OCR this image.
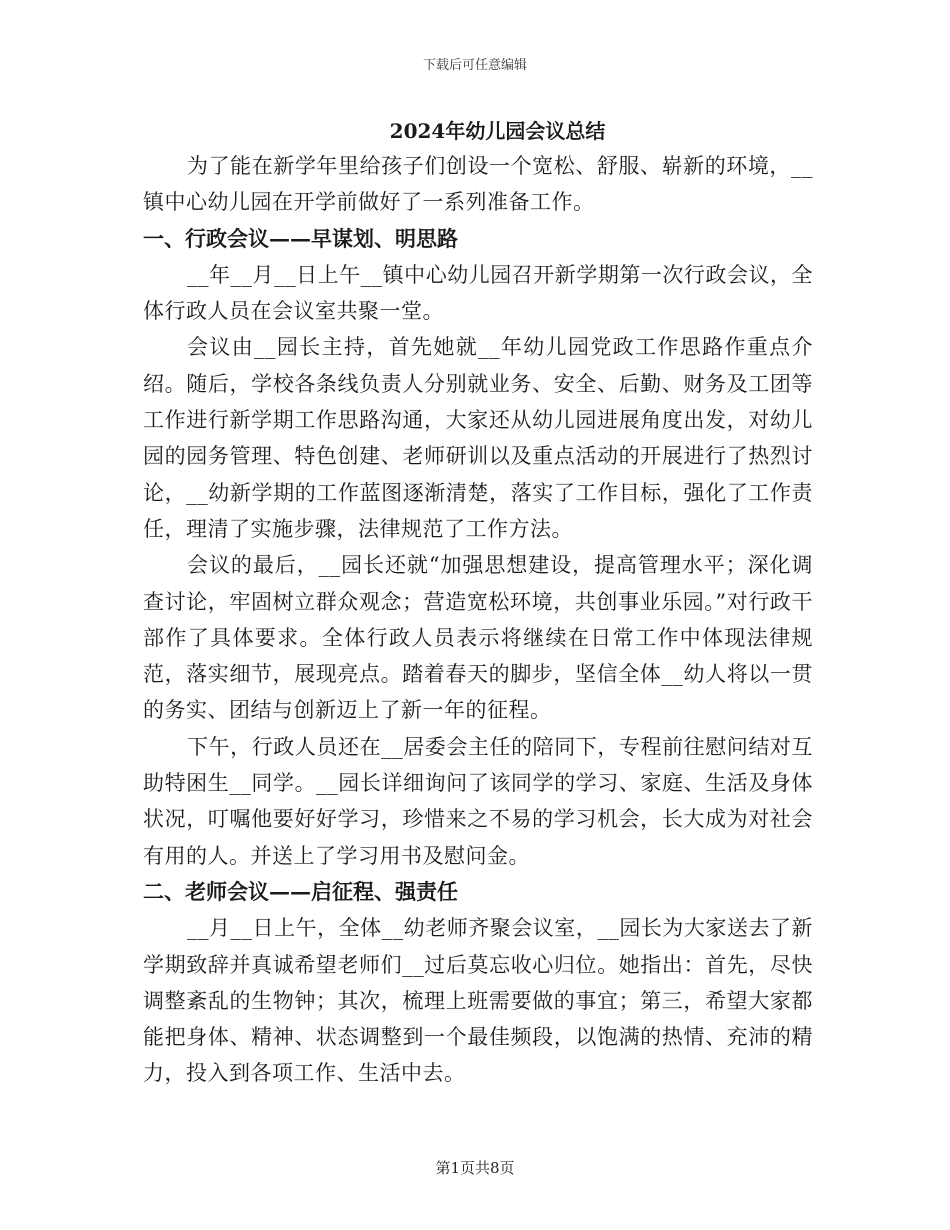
下载后可任意编辑
2024年幼儿园会议总结

为了能在新学年里给孩子们创设一个宽松、舒服、崭新的环境，__镇中心幼儿园在开学前做好了一系列准备工作。

一、行政会议——早谋划、明思路

__年__月__日上午__镇中心幼儿园召开新学期第一次行政会议，全体行政人员在会议室共聚一堂。

会议由__园长主持，首先她就__年幼儿园党政工作思路作重点介绍。随后，学校各条线负责人分别就业务、安全、后勤、财务及工团等工作进行新学期工作思路沟通，大家还从幼儿园进展角度出发，对幼儿园的园务管理、特色创建、老师研训以及重点活动的开展进行了热烈讨论，__幼新学期的工作蓝图逐渐清楚，落实了工作目标，强化了工作责任，理清了实施步骤，法律规范了工作方法。

会议的最后，__园长还就“加强思想建设，提高管理水平；深化调查讨论，牢固树立群众观念；营造宽松环境，共创事业乐园。”对行政干部作了具体要求。全体行政人员表示将继续在日常工作中体现法律规范，落实细节，展现亮点。踏着春天的脚步，坚信全体__幼人将以一贯的务实、团结与创新迈上了新一年的征程。

下午，行政人员还在__居委会主任的陪同下，专程前往慰问结对互助特困生__同学。__园长详细询问了该同学的学习、家庭、生活及身体状况，叮嘱他要好好学习，珍惜来之不易的学习机会，长大成为对社会有用的人。并送上了学习用书及慰问金。

二、老师会议——启征程、强责任

__月__日上午，全体__幼老师齐聚会议室，__园长为大家送去了新学期致辞并真诚希望老师们__过后莫忘收心归位。她指出：首先，尽快调整紊乱的生物钟；其次，梳理上班需要做的事宜；第三，希望大家都能把身体、精神、状态调整到一个最佳频段，以饱满的热情、充沛的精力，投入到各项工作、生活中去。

第1页共8页
